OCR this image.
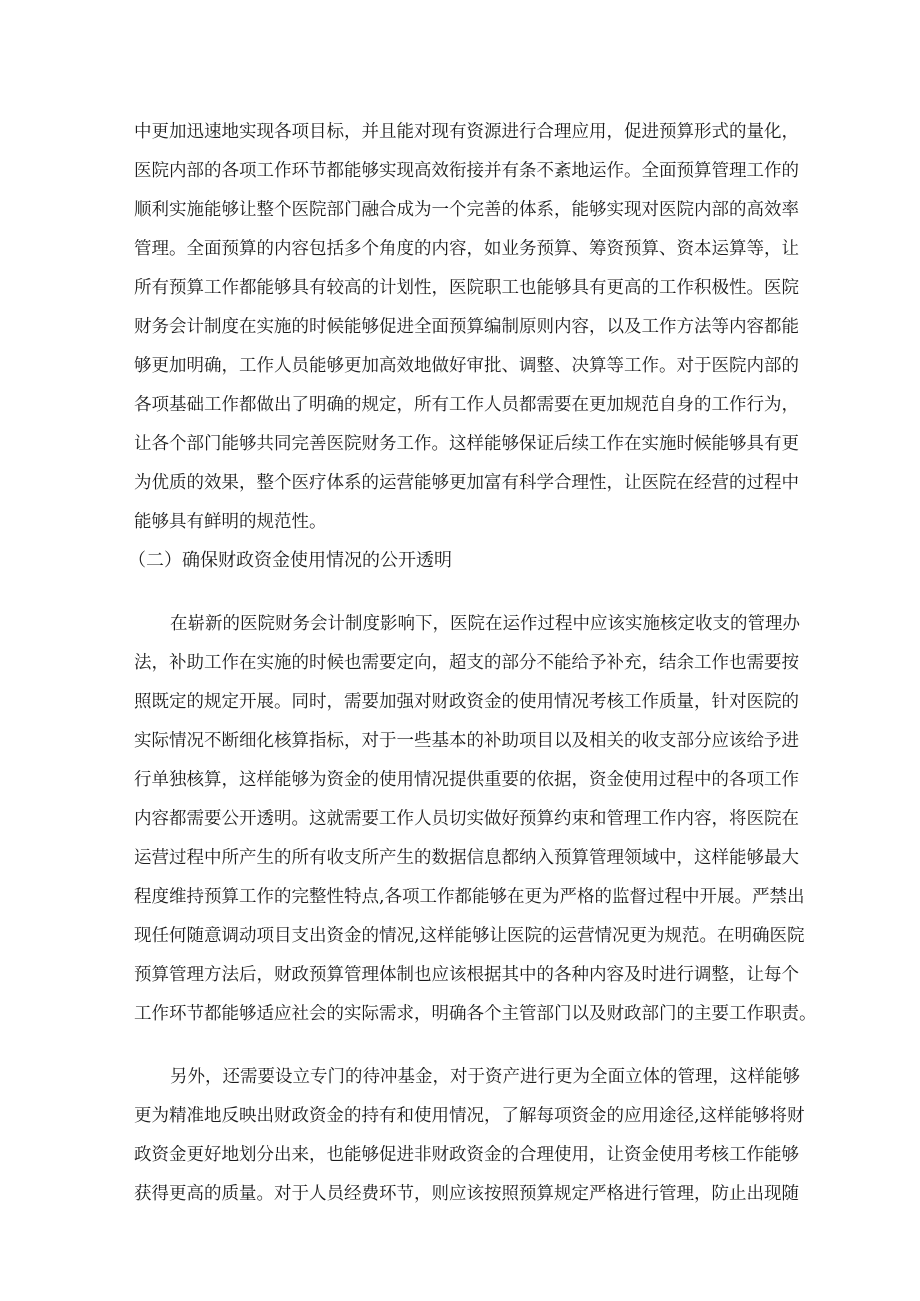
中更加迅速地实现各项目标，并且能对现有资源进行合理应用，促进预算形式的量化，
医院内部的各项工作环节都能够实现高效衔接并有条不紊地运作。全面预算管理工作的
顺利实施能够让整个医院部门融合成为一个完善的体系，能够实现对医院内部的高效率
管理。全面预算的内容包括多个角度的内容，如业务预算、筹资预算、资本运算等，让
所有预算工作都能够具有较高的计划性，医院职工也能够具有更高的工作积极性。医院
财务会计制度在实施的时候能够促进全面预算编制原则内容，以及工作方法等内容都能
够更加明确，工作人员能够更加高效地做好审批、调整、决算等工作。对于医院内部的
各项基础工作都做出了明确的规定，所有工作人员都需要在更加规范自身的工作行为，
让各个部门能够共同完善医院财务工作。这样能够保证后续工作在实施时候能够具有更
为优质的效果，整个医疗体系的运营能够更加富有科学合理性，让医院在经营的过程中
能够具有鲜明的规范性。
（二）确保财政资金使用情况的公开透明
在崭新的医院财务会计制度影响下，医院在运作过程中应该实施核定收支的管理办
法，补助工作在实施的时候也需要定向，超支的部分不能给予补充，结余工作也需要按
照既定的规定开展。同时，需要加强对财政资金的使用情况考核工作质量，针对医院的
实际情况不断细化核算指标，对于一些基本的补助项目以及相关的收支部分应该给予进
行单独核算，这样能够为资金的使用情况提供重要的依据，资金使用过程中的各项工作
内容都需要公开透明。这就需要工作人员切实做好预算约束和管理工作内容，将医院在
运营过程中所产生的所有收支所产生的数据信息都纳入预算管理领域中，这样能够最大
程度维持预算工作的完整性特点,各项工作都能够在更为严格的监督过程中开展。严禁出
现任何随意调动项目支出资金的情况,这样能够让医院的运营情况更为规范。在明确医院
预算管理方法后，财政预算管理体制也应该根据其中的各种内容及时进行调整，让每个
工作环节都能够适应社会的实际需求，明确各个主管部门以及财政部门的主要工作职责。
另外，还需要设立专门的待冲基金，对于资产进行更为全面立体的管理，这样能够
更为精准地反映出财政资金的持有和使用情况，了解每项资金的应用途径,这样能够将财
政资金更好地划分出来，也能够促进非财政资金的合理使用，让资金使用考核工作能够
获得更高的质量。对于人员经费环节，则应该按照预算规定严格进行管理，防止出现随
